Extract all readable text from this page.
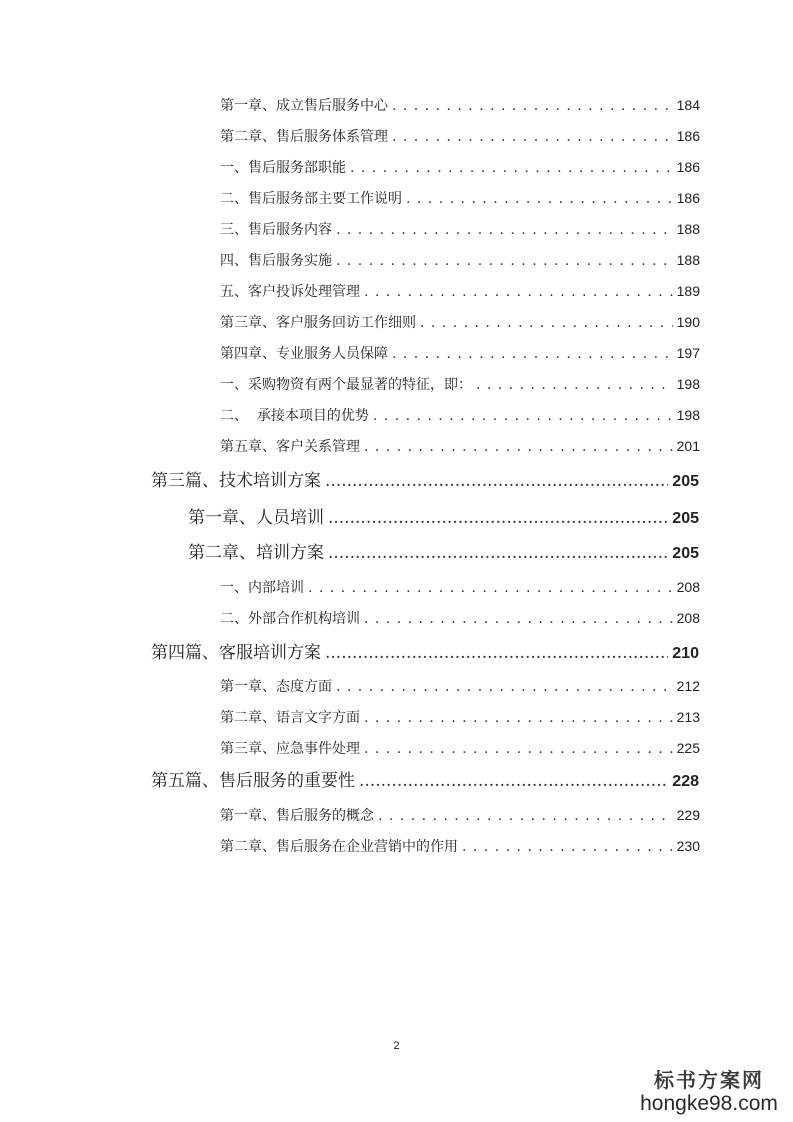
第一章、成立售后服务中心 . . .	184
第二章、售后服务体系管理 . . .	186
一、售后服务部职能 . . .	186
二、售后服务部主要工作说明 . . .	186
三、售后服务内容 . . .	188
四、售后服务实施 . . .	188
五、客户投诉处理管理 . . .	189
第三章、客户服务回访工作细则 . . .	190
第四章、专业服务人员保障 . . .	197
一、采购物资有两个最显著的特征，即： . . .	198
二、  承接本项目的优势 . . .	198
第五章、客户关系管理 . . .	201
第三篇、技术培训方案 .....	205
第一章、人员培训 .....	205
第二章、培训方案 .....	205
一、内部培训 . . .	208
二、外部合作机构培训 . . .	208
第四篇、客服培训方案 .....	210
第一章、态度方面 . . .	212
第二章、语言文字方面 . . .	213
第三章、应急事件处理 . . .	225
第五篇、售后服务的重要性 .....	228
第一章、售后服务的概念 . . .	229
第二章、售后服务在企业营销中的作用 . . .	230
2
标书方案网
hongke98.com
